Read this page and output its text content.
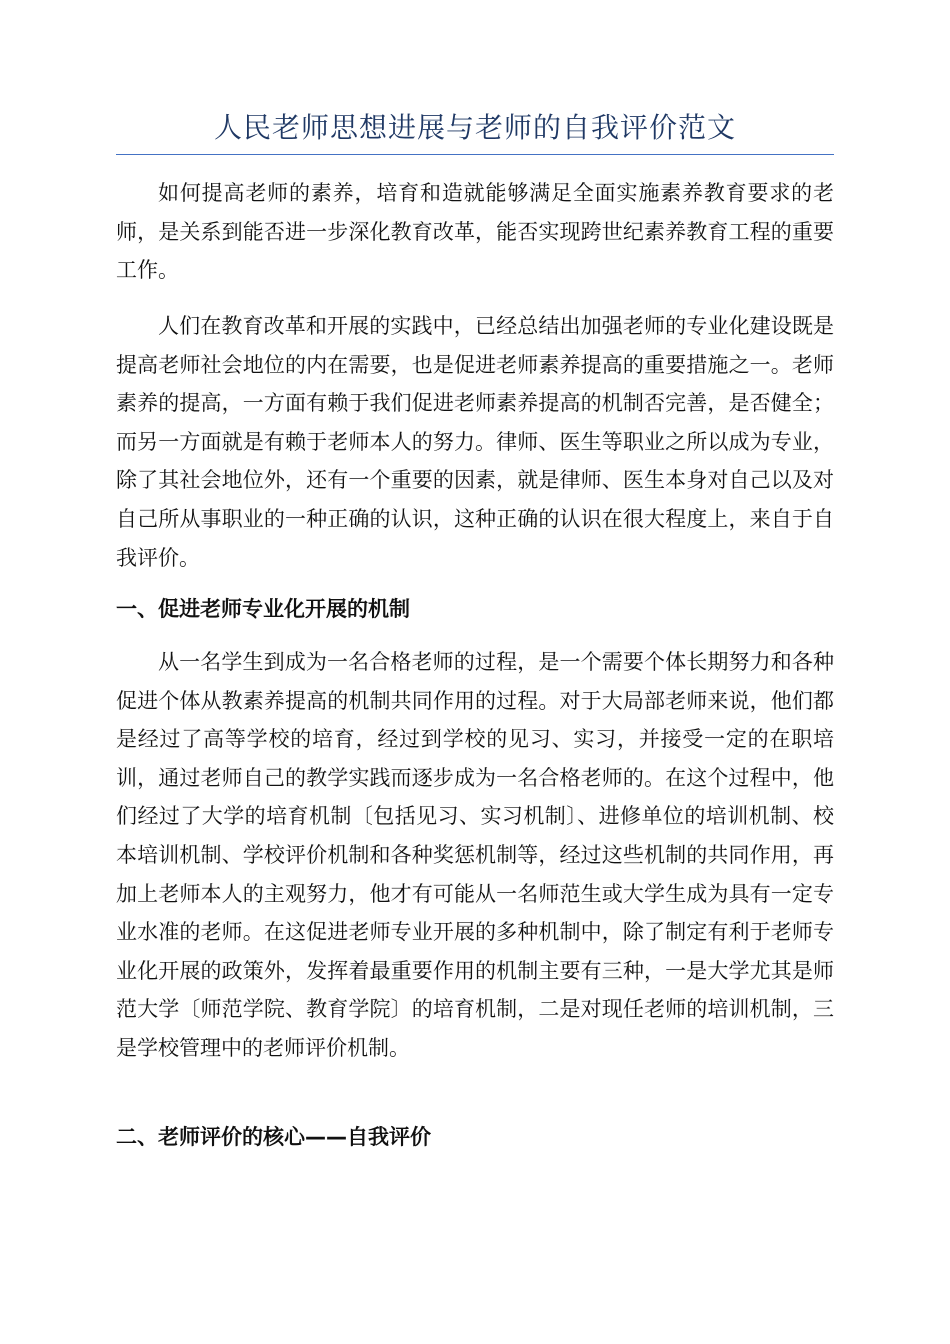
人民老师思想进展与老师的自我评价范文

如何提高老师的素养，培育和造就能够满足全面实施素养教育要求的老师，是关系到能否进一步深化教育改革，能否实现跨世纪素养教育工程的重要工作。

人们在教育改革和开展的实践中，已经总结出加强老师的专业化建设既是提高老师社会地位的内在需要，也是促进老师素养提高的重要措施之一。老师素养的提高，一方面有赖于我们促进老师素养提高的机制否完善，是否健全；而另一方面就是有赖于老师本人的努力。律师、医生等职业之所以成为专业，除了其社会地位外，还有一个重要的因素，就是律师、医生本身对自己以及对自己所从事职业的一种正确的认识，这种正确的认识在很大程度上，来自于自我评价。

一、促进老师专业化开展的机制

从一名学生到成为一名合格老师的过程，是一个需要个体长期努力和各种促进个体从教素养提高的机制共同作用的过程。对于大局部老师来说，他们都是经过了高等学校的培育，经过到学校的见习、实习，并接受一定的在职培训，通过老师自己的教学实践而逐步成为一名合格老师的。在这个过程中，他们经过了大学的培育机制〔包括见习、实习机制〕、进修单位的培训机制、校本培训机制、学校评价机制和各种奖惩机制等，经过这些机制的共同作用，再加上老师本人的主观努力，他才有可能从一名师范生或大学生成为具有一定专业水准的老师。在这促进老师专业开展的多种机制中，除了制定有利于老师专业化开展的政策外，发挥着最重要作用的机制主要有三种，一是大学尤其是师范大学〔师范学院、教育学院〕的培育机制，二是对现任老师的培训机制，三是学校管理中的老师评价机制。

二、老师评价的核心——自我评价
